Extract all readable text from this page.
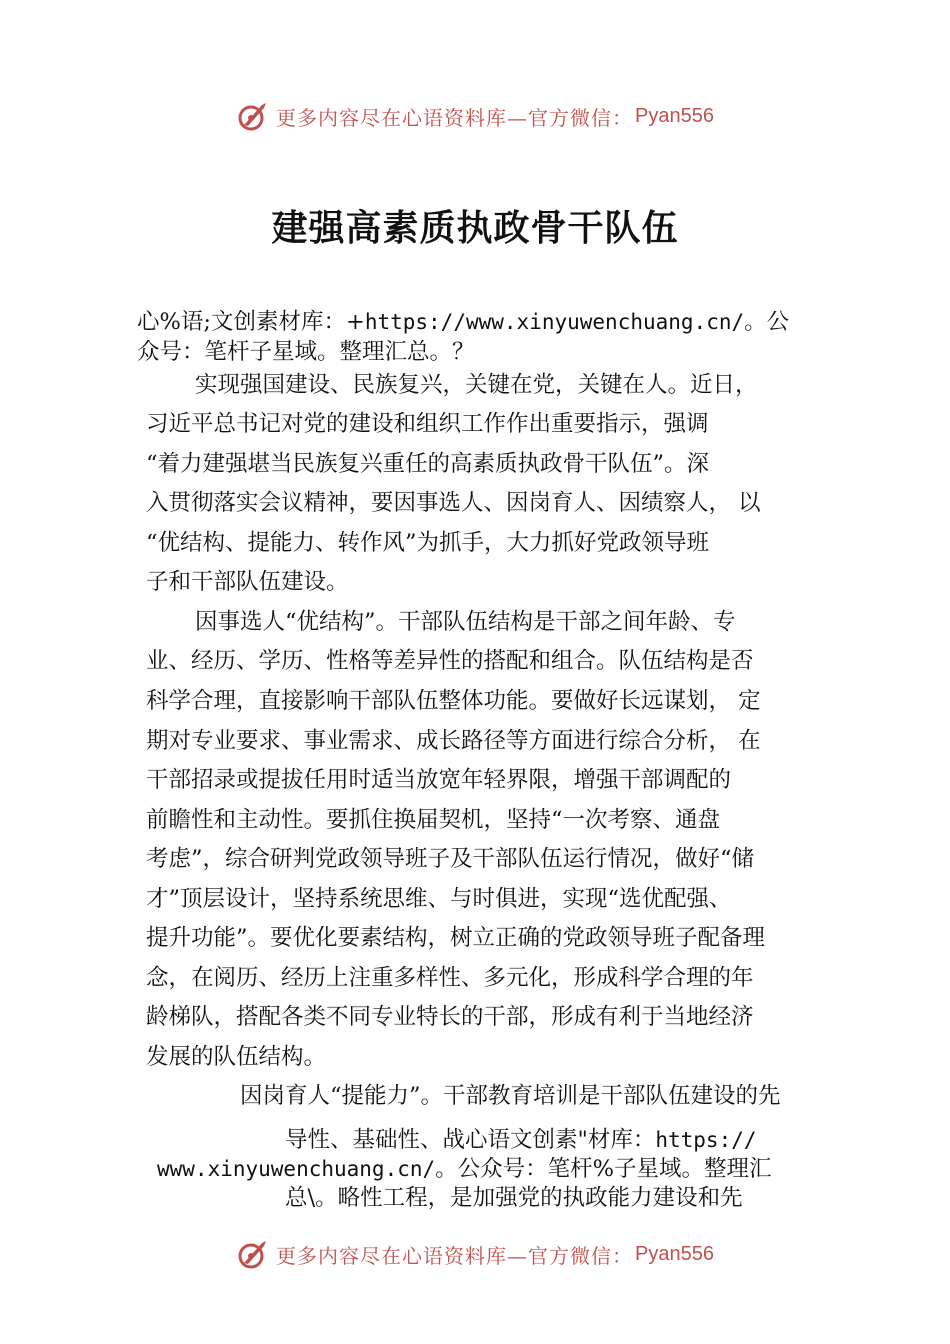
更多内容尽在心语资料库—官方微信： Pyan556
建强高素质执政骨干队伍
心%语;文创素材库：+https://www.xinyuwenchuang.cn/。公
众号：笔杆子星域。整理汇总。？
实现强国建设、民族复兴，关键在党，关键在人。近日，
习近平总书记对党的建设和组织工作作出重要指示，强调
“着力建强堪当民族复兴重任的高素质执政骨干队伍”。深
入贯彻落实会议精神，要因事选人、因岗育人、因绩察人， 以
“优结构、提能力、转作风”为抓手，大力抓好党政领导班
子和干部队伍建设。
因事选人“优结构”。干部队伍结构是干部之间年龄、专
业、经历、学历、性格等差异性的搭配和组合。队伍结构是否
科学合理，直接影响干部队伍整体功能。要做好长远谋划， 定
期对专业要求、事业需求、成长路径等方面进行综合分析， 在
干部招录或提拔任用时适当放宽年轻界限，增强干部调配的
前瞻性和主动性。要抓住换届契机，坚持“一次考察、通盘
考虑”，综合研判党政领导班子及干部队伍运行情况，做好“储
才”顶层设计，坚持系统思维、与时俱进，实现“选优配强、
提升功能”。要优化要素结构，树立正确的党政领导班子配备理
念，在阅历、经历上注重多样性、多元化，形成科学合理的年
龄梯队，搭配各类不同专业特长的干部，形成有利于当地经济
发展的队伍结构。
因岗育人“提能力”。干部教育培训是干部队伍建设的先
导性、基础性、战心语文创素"材库：https://
www.xinyuwenchuang.cn/。公众号：笔杆%子星域。整理汇
总\。略性工程，是加强党的执政能力建设和先
更多内容尽在心语资料库—官方微信： Pyan556
